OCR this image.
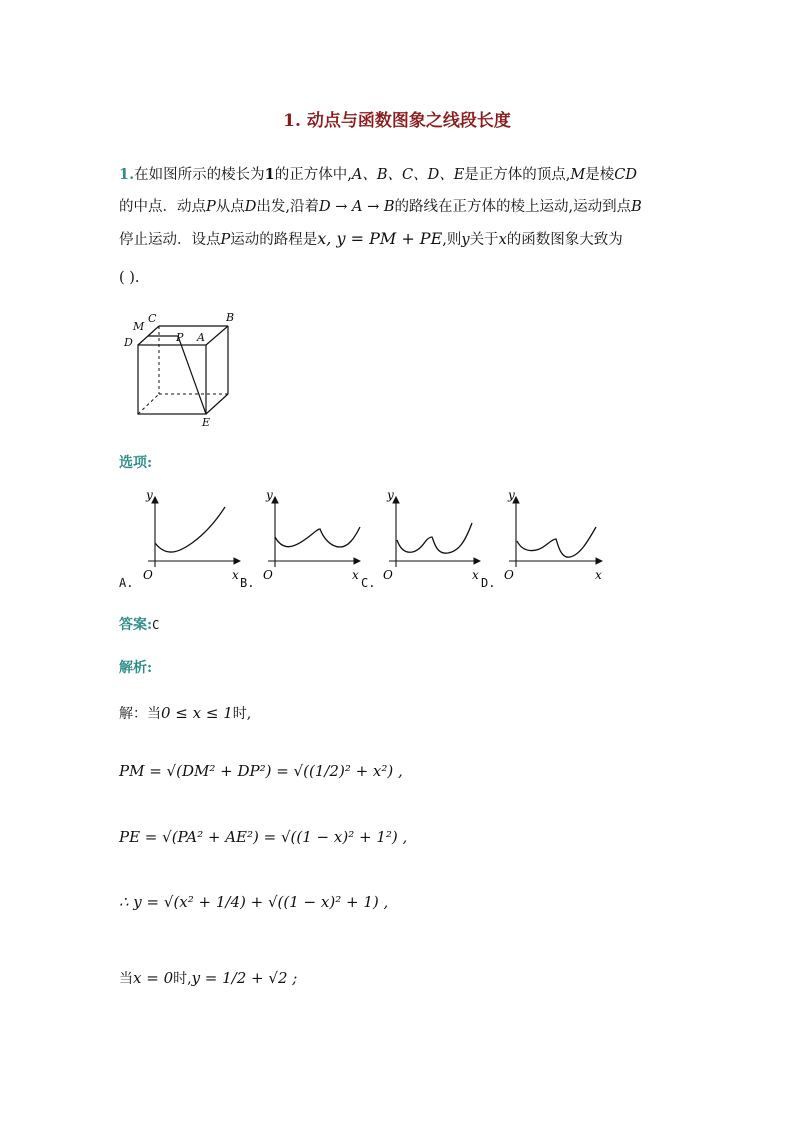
1. 动点与函数图象之线段长度
1.在如图所示的棱长为1的正方体中,A、B、C、D、E是正方体的顶点,M是棱CD
的中点．动点P从点D出发,沿着D → A → B的路线在正方体的棱上运动,运动到点B
停止运动．设点P运动的路程是x, y = PM + PE,则y关于x的函数图象大致为
( ).
M
C	B
D	P A
E
选项:
y
x
O
y
x
O
y
x
O
y
x
O
A.	B.	C.	D.
答案:C
解析:
解：当0 ≤ x ≤ 1时,
PM = √(DM² + DP²) = √((1/2)² + x²) ,
PE = √(PA² + AE²) = √((1 − x)² + 1²) ,
∴ y = √(x² + 1/4) + √((1 − x)² + 1) ,
当x = 0时,y = 1/2 + √2 ;
